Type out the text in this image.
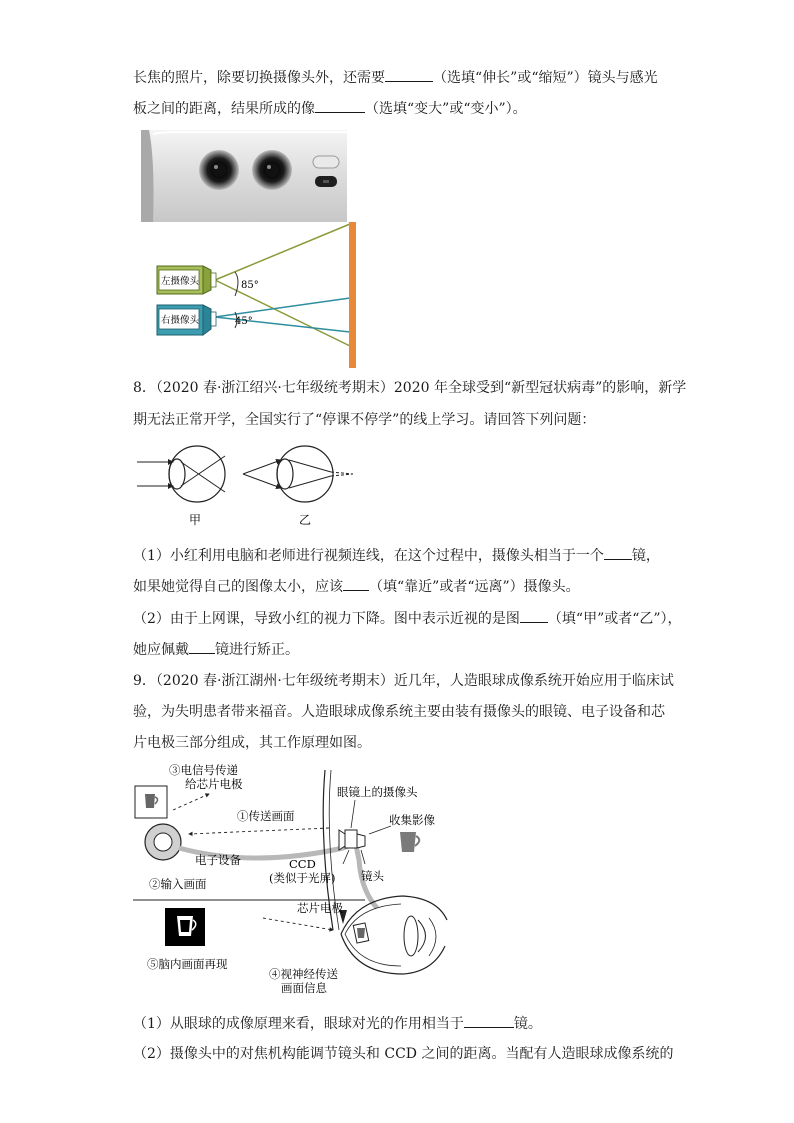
长焦的照片，除要切换摄像头外，还需要	（选填“伸长”或“缩短”）镜头与感光
板之间的距离，结果所成的像	（选填“变大”或“变小”）。
左摄像头
右摄像头
85°
45°
8．（2020 春·浙江绍兴·七年级统考期末）2020 年全球受到“新型冠状病毒”的影响，新学
期无法正常开学，全国实行了“停课不停学”的线上学习。请回答下列问题：
甲	乙
（1）小红利用电脑和老师进行视频连线，在这个过程中，摄像头相当于一个 镜，
如果她觉得自己的图像太小，应该 （填“靠近”或者“远离”）摄像头。
（2）由于上网课，导致小红的视力下降。图中表示近视的是图 （填“甲”或者“乙”），
她应佩戴 镜进行矫正。
9．（2020 春·浙江湖州·七年级统考期末）近几年，人造眼球成像系统开始应用于临床试
验，为失明患者带来福音。人造眼球成像系统主要由装有摄像头的眼镜、电子设备和芯
片电极三部分组成，其工作原理如图。
③电信号传递
给芯片电极
①传送画面
电子设备
②输入画面
眼镜上的摄像头
收集影像
CCD
(类似于光屏) 镜头
芯片电极
⑤脑内画面再现
④视神经传送
画面信息
（1）从眼球的成像原理来看，眼球对光的作用相当于	镜。
（2）摄像头中的对焦机构能调节镜头和 CCD 之间的距离。当配有人造眼球成像系统的
